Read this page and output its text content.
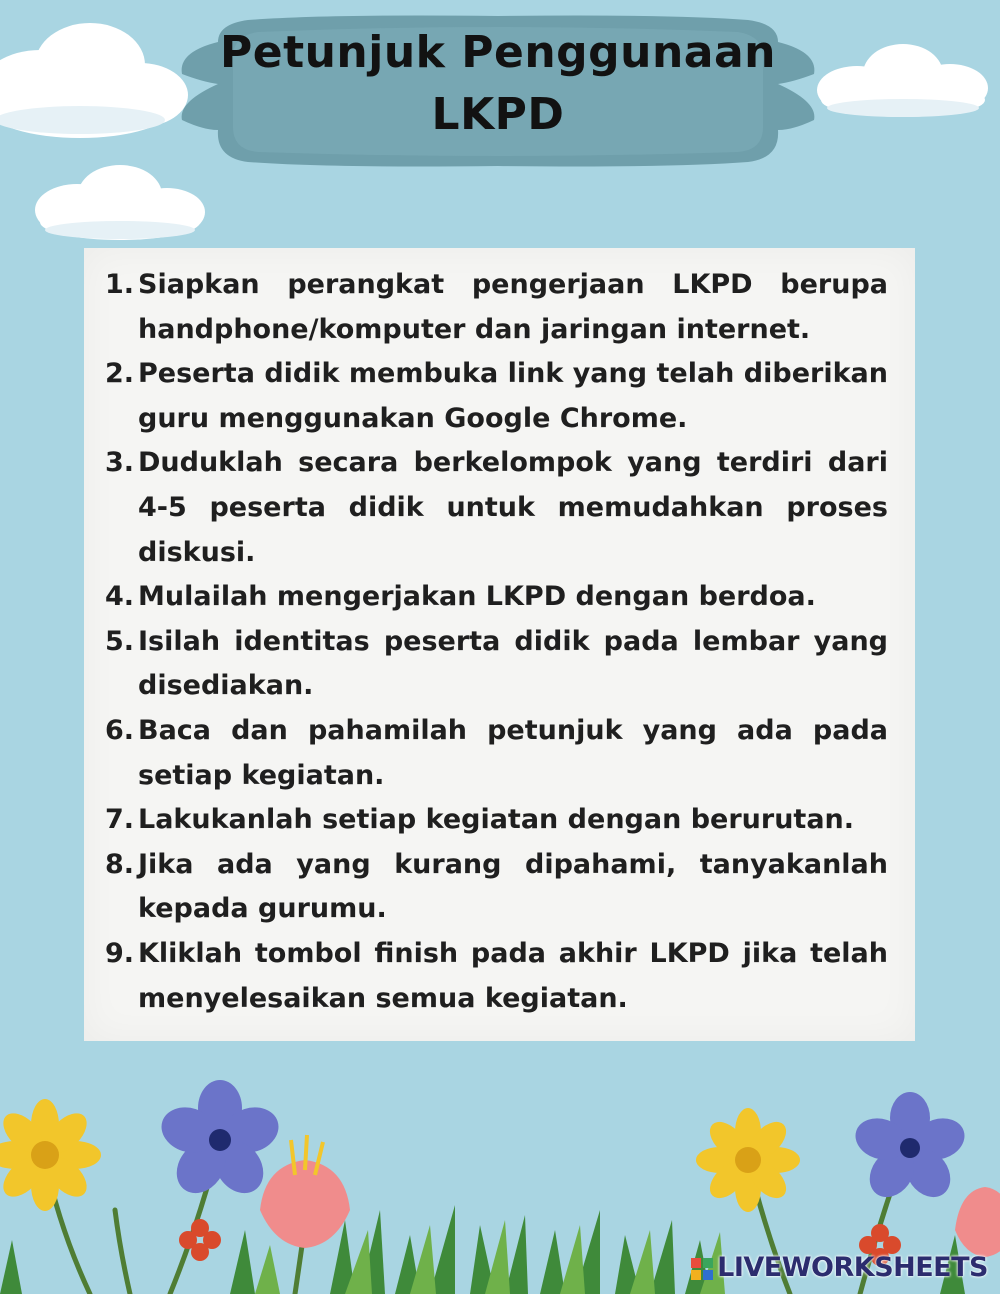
Petunjuk Penggunaan LKPD
1. Siapkan perangkat pengerjaan LKPD berupa handphone/komputer dan jaringan internet.
2. Peserta didik membuka link yang telah diberikan guru menggunakan Google Chrome.
3. Duduklah secara berkelompok yang terdiri dari 4-5 peserta didik untuk memudahkan proses diskusi.
4. Mulailah mengerjakan LKPD dengan berdoa.
5. Isilah identitas peserta didik pada lembar yang disediakan.
6. Baca dan pahamilah petunjuk yang ada pada setiap kegiatan.
7. Lakukanlah setiap kegiatan dengan berurutan.
8. Jika ada yang kurang dipahami, tanyakanlah kepada gurumu.
9. Kliklah tombol finish pada akhir LKPD jika telah menyelesaikan semua kegiatan.
LIVEWORKSHEETS
